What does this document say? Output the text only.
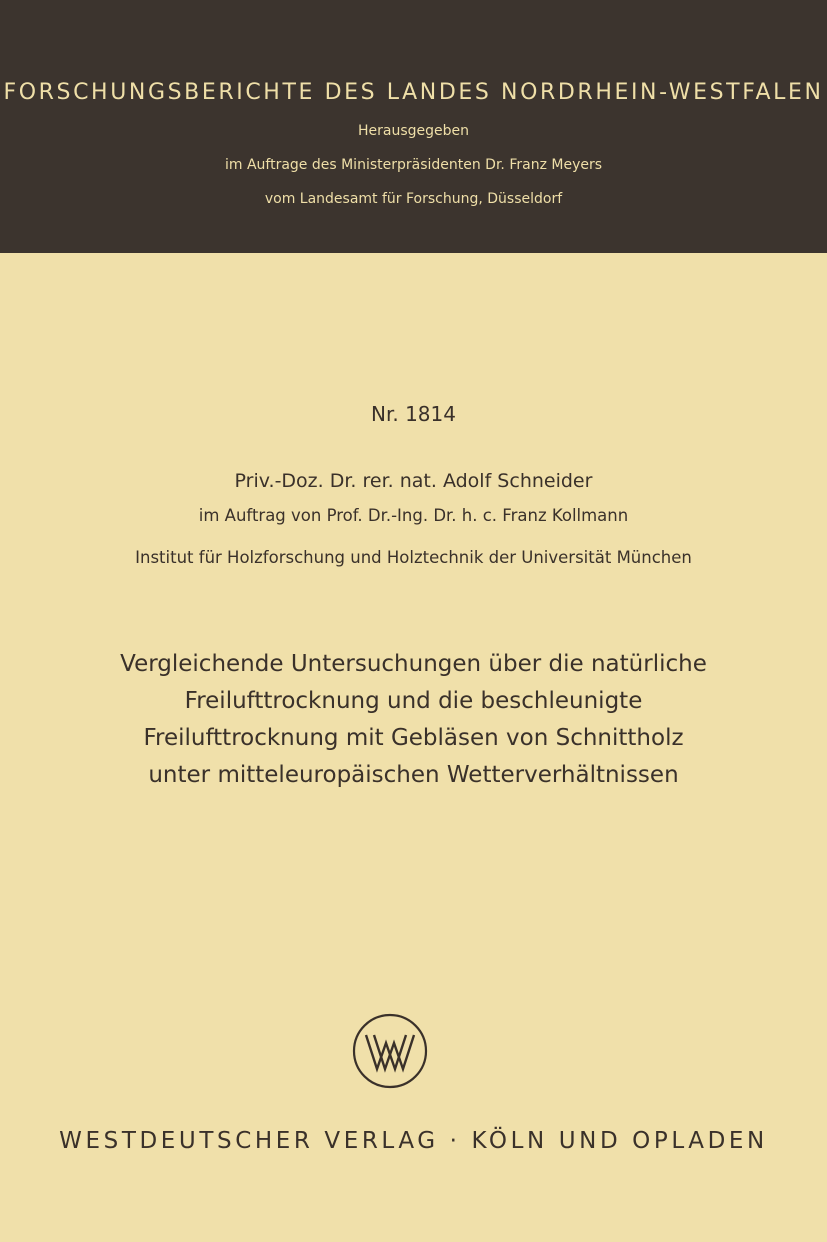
FORSCHUNGSBERICHTE DES LANDES NORDRHEIN-WESTFALEN
Herausgegeben
im Auftrage des Ministerpräsidenten Dr. Franz Meyers
vom Landesamt für Forschung, Düsseldorf
Nr. 1814
Priv.-Doz. Dr. rer. nat. Adolf Schneider
im Auftrag von Prof. Dr.-Ing. Dr. h. c. Franz Kollmann
Institut für Holzforschung und Holztechnik der Universität München
Vergleichende Untersuchungen über die natürliche
Freilufttrocknung und die beschleunigte
Freilufttrocknung mit Gebläsen von Schnittholz
unter mitteleuropäischen Wetterverhältnissen
WESTDEUTSCHER VERLAG · KÖLN UND OPLADEN
